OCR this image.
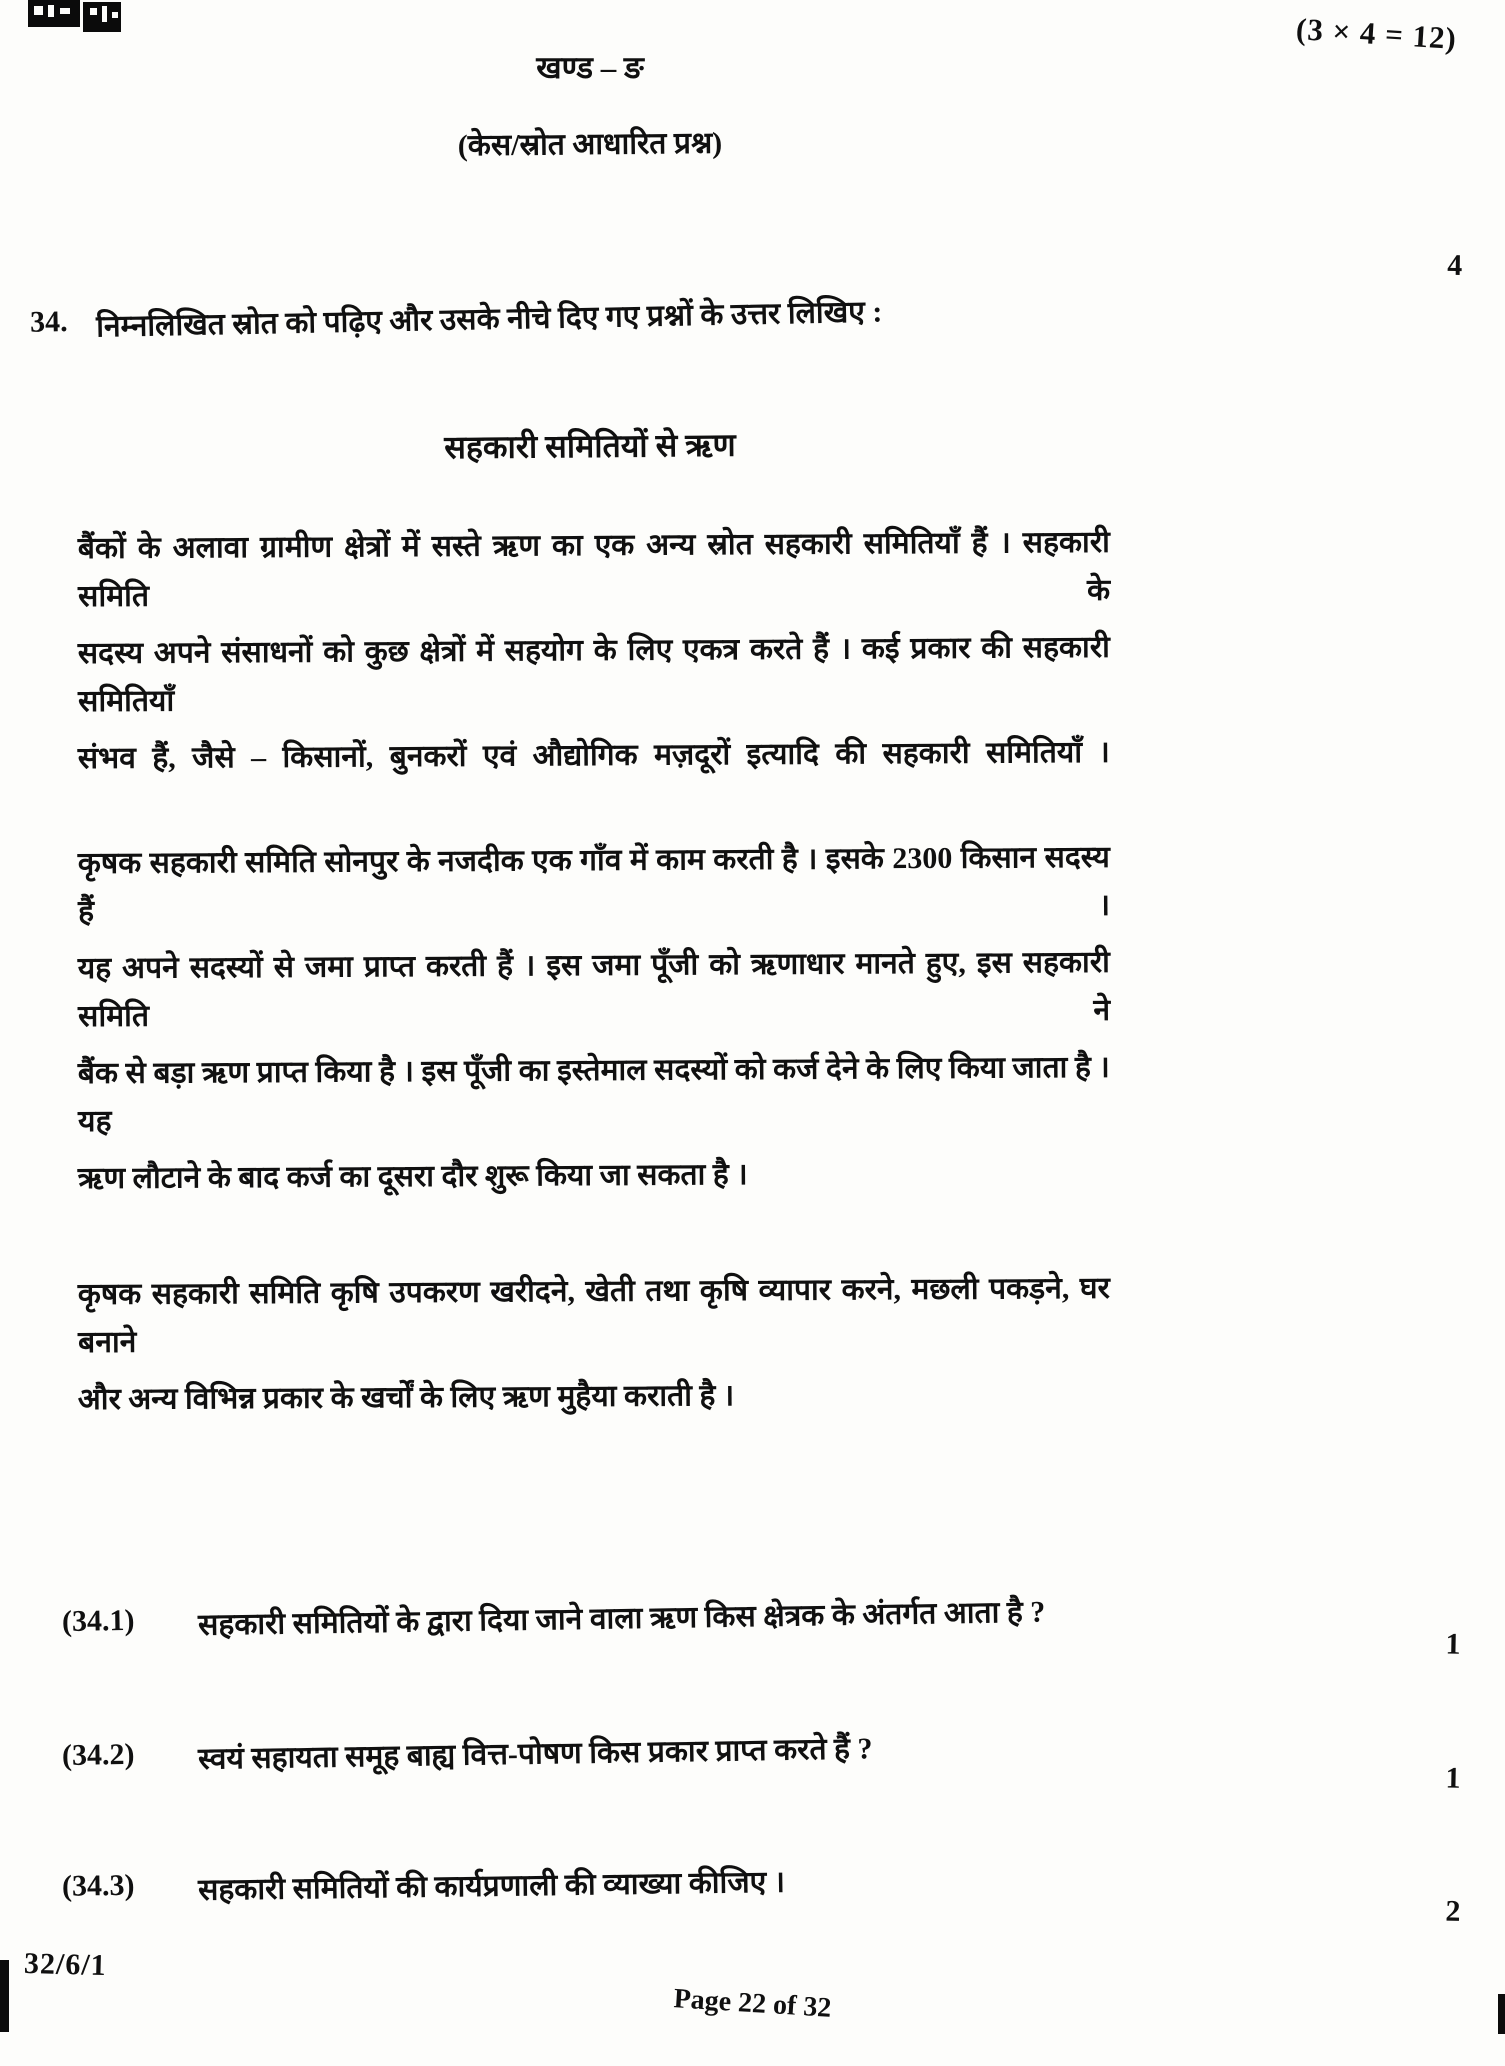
(3 × 4 = 12)
खण्ड – ङ
(केस/स्रोत आधारित प्रश्न)
34. निम्नलिखित स्रोत को पढ़िए और उसके नीचे दिए गए प्रश्नों के उत्तर लिखिए :
4
सहकारी समितियों से ऋण
बैंकों के अलावा ग्रामीण क्षेत्रों में सस्ते ऋण का एक अन्य स्रोत सहकारी समितियाँ हैं । सहकारी समिति के
सदस्य अपने संसाधनों को कुछ क्षेत्रों में सहयोग के लिए एकत्र करते हैं । कई प्रकार की सहकारी समितियाँ
संभव हैं, जैसे – किसानों, बुनकरों एवं औद्योगिक मज़दूरों इत्यादि की सहकारी समितियाँ ।
कृषक सहकारी समिति सोनपुर के नजदीक एक गाँव में काम करती है । इसके 2300 किसान सदस्य हैं ।
यह अपने सदस्यों से जमा प्राप्त करती हैं । इस जमा पूँजी को ऋणाधार मानते हुए, इस सहकारी समिति ने
बैंक से बड़ा ऋण प्राप्त किया है । इस पूँजी का इस्तेमाल सदस्यों को कर्ज देने के लिए किया जाता है । यह
ऋण लौटाने के बाद कर्ज का दूसरा दौर शुरू किया जा सकता है ।
कृषक सहकारी समिति कृषि उपकरण खरीदने, खेती तथा कृषि व्यापार करने, मछली पकड़ने, घर बनाने
और अन्य विभिन्न प्रकार के खर्चों के लिए ऋण मुहैया कराती है ।
(34.1)	सहकारी समितियों के द्वारा दिया जाने वाला ऋण किस क्षेत्रक के अंतर्गत आता है ?
1
(34.2)	स्वयं सहायता समूह बाह्य वित्त-पोषण किस प्रकार प्राप्त करते हैं ?
1
(34.3)	सहकारी समितियों की कार्यप्रणाली की व्याख्या कीजिए ।
2
32/6/1
Page 22 of 32
